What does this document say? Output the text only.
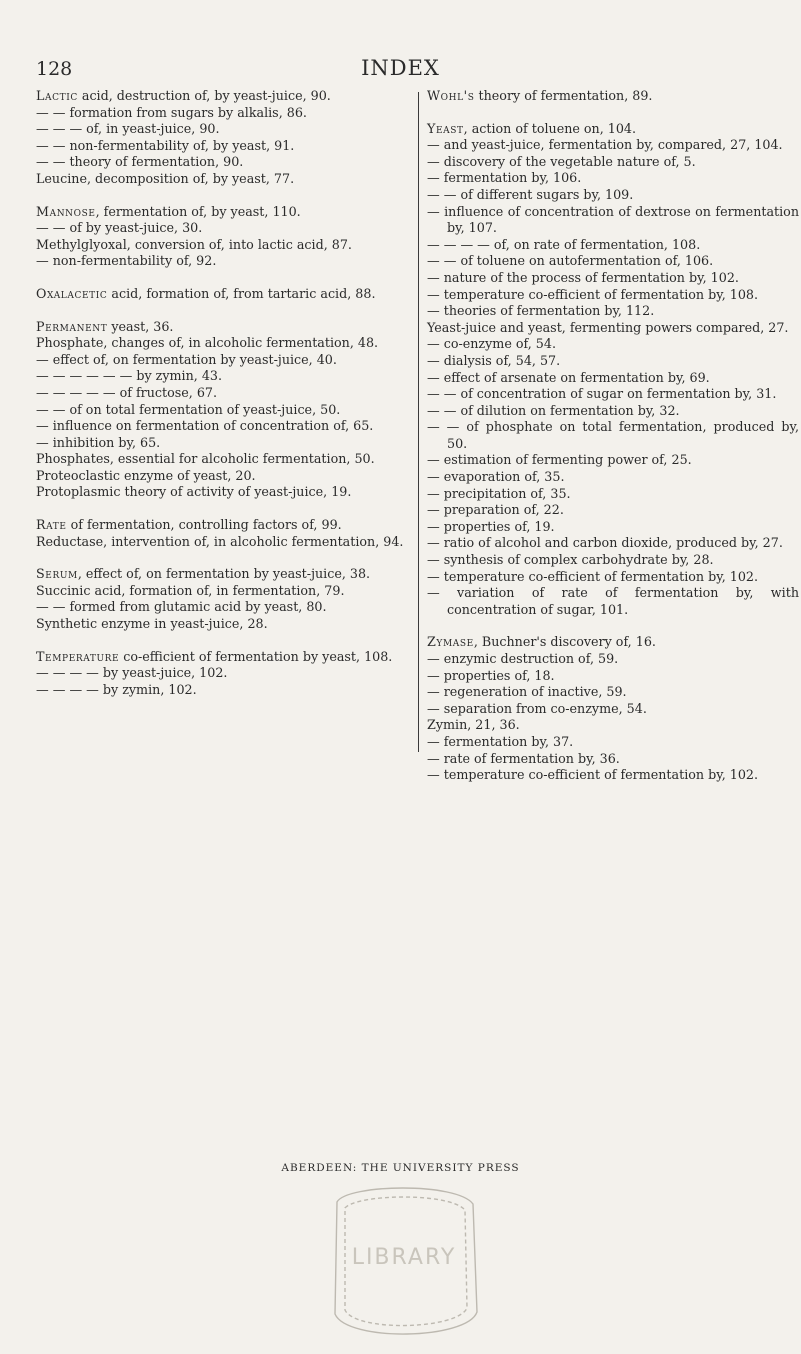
128	INDEX
Lactic acid, destruction of, by yeast-juice, 90.
— — formation from sugars by alkalis, 86.
— — — of, in yeast-juice, 90.
— — non-fermentability of, by yeast, 91.
— — theory of fermentation, 90.
Leucine, decomposition of, by yeast, 77.
Mannose, fermentation of, by yeast, 110.
— — of by yeast-juice, 30.
Methylglyoxal, conversion of, into lactic acid, 87.
— non-fermentability of, 92.
Oxalacetic acid, formation of, from tartaric acid, 88.
Permanent yeast, 36.
Phosphate, changes of, in alcoholic fermentation, 48.
— effect of, on fermentation by yeast-juice, 40.
— — — — — — by zymin, 43.
— — — — — of fructose, 67.
— — of on total fermentation of yeast-juice, 50.
— influence on fermentation of concentration of, 65.
— inhibition by, 65.
Phosphates, essential for alcoholic fermentation, 50.
Proteoclastic enzyme of yeast, 20.
Protoplasmic theory of activity of yeast-juice, 19.
Rate of fermentation, controlling factors of, 99.
Reductase, intervention of, in alcoholic fermentation, 94.
Serum, effect of, on fermentation by yeast-juice, 38.
Succinic acid, formation of, in fermentation, 79.
— — formed from glutamic acid by yeast, 80.
Synthetic enzyme in yeast-juice, 28.
Temperature co-efficient of fermentation by yeast, 108.
— — — — by yeast-juice, 102.
— — — — by zymin, 102.
Wohl's theory of fermentation, 89.
Yeast, action of toluene on, 104.
— and yeast-juice, fermentation by, compared, 27, 104.
— discovery of the vegetable nature of, 5.
— fermentation by, 106.
— — of different sugars by, 109.
— influence of concentration of dextrose on fermentation by, 107.
— — — — of, on rate of fermentation, 108.
— — of toluene on autofermentation of, 106.
— nature of the process of fermentation by, 102.
— temperature co-efficient of fermentation by, 108.
— theories of fermentation by, 112.
Yeast-juice and yeast, fermenting powers compared, 27.
— co-enzyme of, 54.
— dialysis of, 54, 57.
— effect of arsenate on fermentation by, 69.
— — of concentration of sugar on fermentation by, 31.
— — of dilution on fermentation by, 32.
— — of phosphate on total fermentation, produced by, 50.
— estimation of fermenting power of, 25.
— evaporation of, 35.
— precipitation of, 35.
— preparation of, 22.
— properties of, 19.
— ratio of alcohol and carbon dioxide, produced by, 27.
— synthesis of complex carbohydrate by, 28.
— temperature co-efficient of fermentation by, 102.
— variation of rate of fermentation by, with concentration of sugar, 101.
Zymase, Buchner's discovery of, 16.
— enzymic destruction of, 59.
— properties of, 18.
— regeneration of inactive, 59.
— separation from co-enzyme, 54.
Zymin, 21, 36.
— fermentation by, 37.
— rate of fermentation by, 36.
— temperature co-efficient of fermentation by, 102.
ABERDEEN: THE UNIVERSITY PRESS
LIBRARY
